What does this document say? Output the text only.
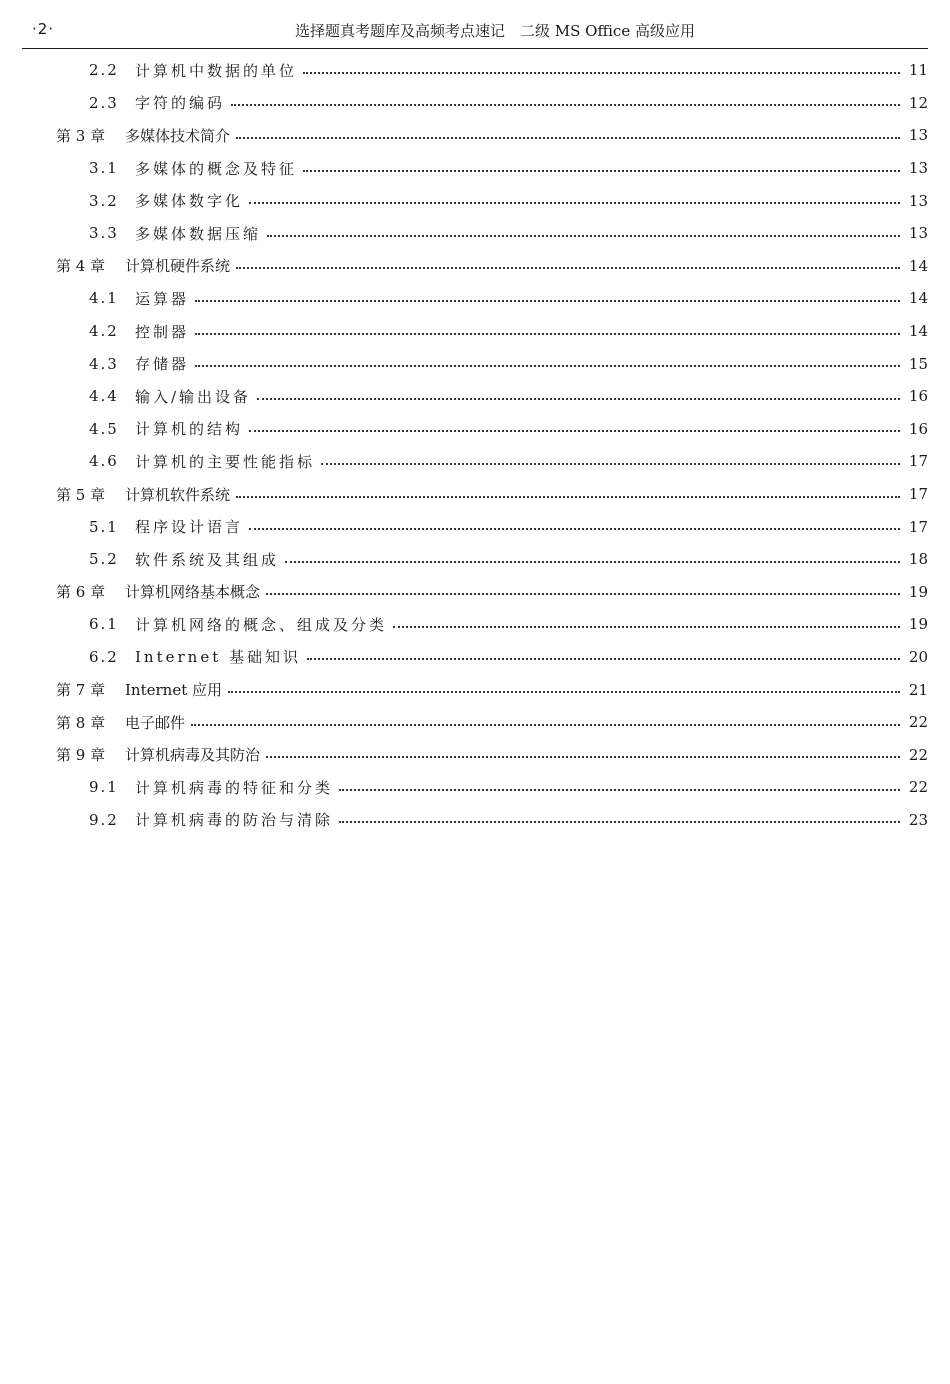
·2·	选择题真考题库及高频考点速记　二级 MS Office 高级应用
2.2	计算机中数据的单位	11
2.3	字符的编码	12
第 3 章	多媒体技术简介	13
3.1	多媒体的概念及特征	13
3.2	多媒体数字化	13
3.3	多媒体数据压缩	13
第 4 章	计算机硬件系统	14
4.1	运算器	14
4.2	控制器	14
4.3	存储器	15
4.4	输入/输出设备	16
4.5	计算机的结构	16
4.6	计算机的主要性能指标	17
第 5 章	计算机软件系统	17
5.1	程序设计语言	17
5.2	软件系统及其组成	18
第 6 章	计算机网络基本概念	19
6.1	计算机网络的概念、组成及分类	19
6.2	Internet 基础知识	20
第 7 章	Internet 应用	21
第 8 章	电子邮件	22
第 9 章	计算机病毒及其防治	22
9.1	计算机病毒的特征和分类	22
9.2	计算机病毒的防治与清除	23
